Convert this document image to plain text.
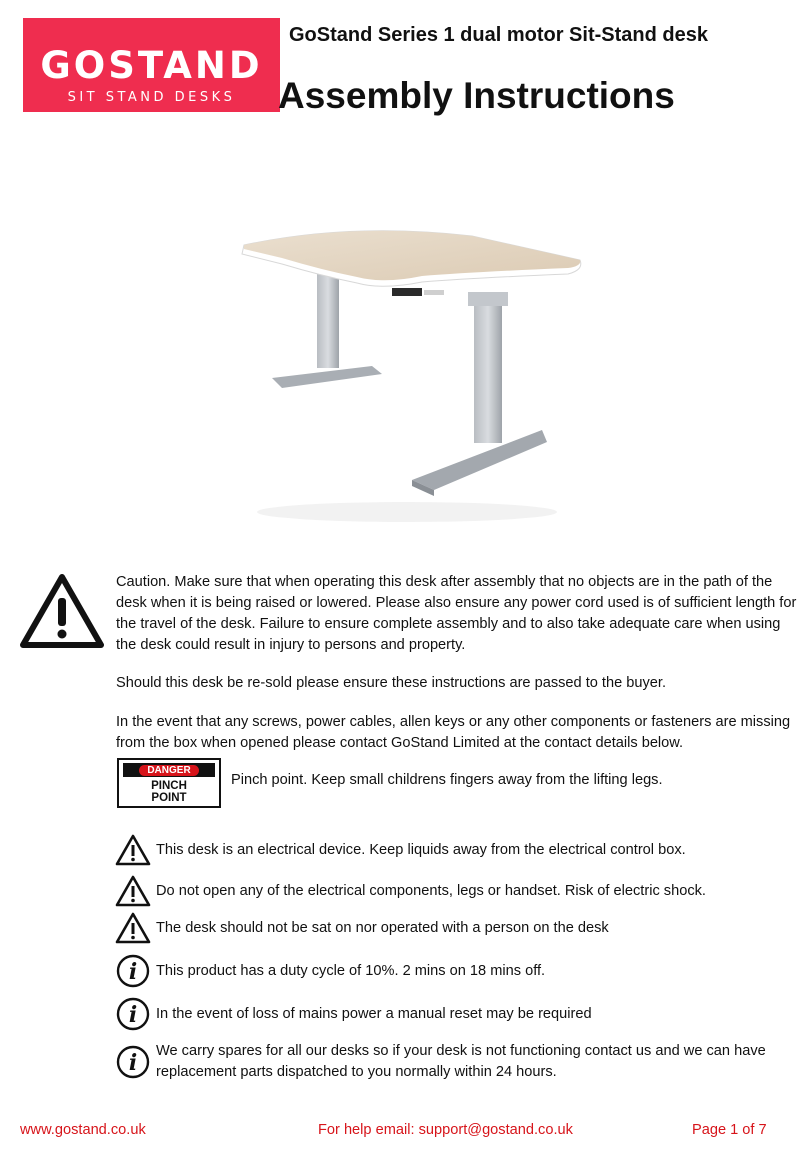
GOSTAND
SIT STAND DESKS
GoStand Series 1 dual motor Sit-Stand desk
Assembly Instructions
Caution. Make sure that when operating this desk after assembly that no objects are in the path of the desk when it is being raised or lowered. Please also ensure any power cord used is of sufficient length for the travel of the desk. Failure to ensure complete assembly and to also take adequate care when using the desk could result in injury to persons and property.
Should this desk be re-sold please ensure these instructions are passed to the buyer.
In the event that any screws, power cables, allen keys or any other components or fasteners are missing from the box when opened please contact GoStand Limited at the contact details below.
DANGER
PINCH
POINT
Pinch point. Keep small childrens fingers away from the lifting legs.
This desk is an electrical device. Keep liquids away from the electrical control box.
Do not open any of the electrical components, legs or handset. Risk of electric shock.
The desk should not be sat on nor operated with a person on the desk
i This product has a duty cycle of 10%. 2 mins on 18 mins off.
i In the event of loss of mains power a manual reset may be required
i We carry spares for all our desks so if your desk is not functioning contact us and we can have replacement parts dispatched to you normally within 24 hours.
www.gostand.co.uk	For help email: support@gostand.co.uk	Page 1 of 7
